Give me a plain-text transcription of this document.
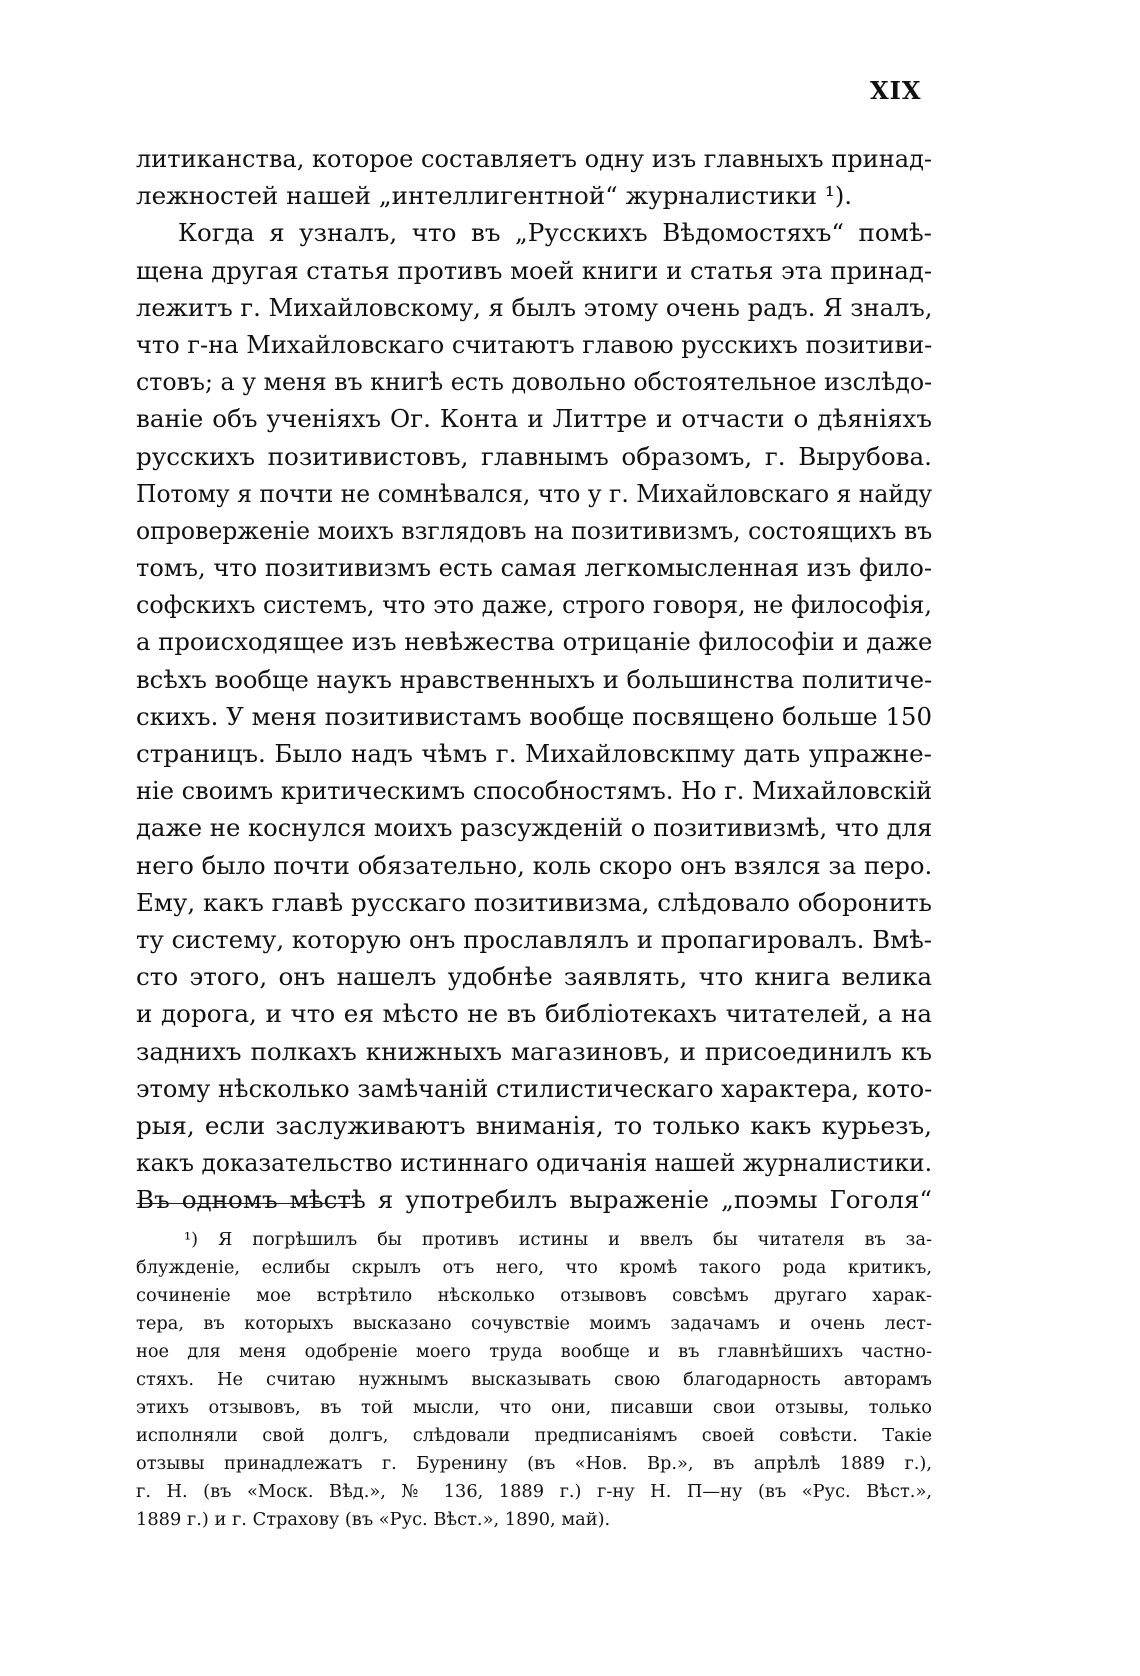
XIX
литиканства, которое составляетъ одну изъ главныхъ принад-
лежностей нашей „интеллигентной“ журналистики ¹).
Когда я узналъ, что въ „Русскихъ Вѣдомостяхъ“ помѣ-
щена другая статья противъ моей книги и статья эта принад-
лежитъ г. Михайловскому, я былъ этому очень радъ. Я зналъ,
что г-на Михайловскаго считаютъ главою русскихъ позитиви-
стовъ; а у меня въ книгѣ есть довольно обстоятельное изслѣдо-
ваніе объ ученіяхъ Ог. Конта и Литтре и отчасти о дѣяніяхъ
русскихъ позитивистовъ, главнымъ образомъ, г. Вырубова.
Потому я почти не сомнѣвался, что у г. Михайловскаго я найду
опроверженіе моихъ взглядовъ на позитивизмъ, состоящихъ въ
томъ, что позитивизмъ есть самая легкомысленная изъ фило-
софскихъ системъ, что это даже, строго говоря, не философія,
а происходящее изъ невѣжества отрицаніе философіи и даже
всѣхъ вообще наукъ нравственныхъ и большинства политиче-
скихъ. У меня позитивистамъ вообще посвящено больше 150
страницъ. Было надъ чѣмъ г. Михайловскпму дать упражне-
ніе своимъ критическимъ способностямъ. Но г. Михайловскій
даже не коснулся моихъ разсужденій о позитивизмѣ, что для
него было почти обязательно, коль скоро онъ взялся за перо.
Ему, какъ главѣ русскаго позитивизма, слѣдовало оборонить
ту систему, которую онъ прославлялъ и пропагировалъ. Вмѣ-
сто этого, онъ нашелъ удобнѣе заявлять, что книга велика
и дорога, и что ея мѣсто не въ библіотекахъ читателей, а на
заднихъ полкахъ книжныхъ магазиновъ, и присоединилъ къ
этому нѣсколько замѣчаній стилистическаго характера, кото-
рыя, если заслуживаютъ вниманія, то только какъ курьезъ,
какъ доказательство истиннаго одичанія нашей журналистики.
Въ одномъ мѣстѣ я употребилъ выраженіе „поэмы Гоголя“
¹) Я погрѣшилъ бы противъ истины и ввелъ бы читателя въ за-
блужденіе, еслибы скрылъ отъ него, что кромѣ такого рода критикъ,
сочиненіе мое встрѣтило нѣсколько отзывовъ совсѣмъ другаго харак-
тера, въ которыхъ высказано сочувствіе моимъ задачамъ и очень лест-
ное для меня одобреніе моего труда вообще и въ главнѣйшихъ частно-
стяхъ. Не считаю нужнымъ высказывать свою благодарность авторамъ
этихъ отзывовъ, въ той мысли, что они, писавши свои отзывы, только
исполняли свой долгъ, слѣдовали предписаніямъ своей совѣсти. Такіе
отзывы принадлежатъ г. Буренину (въ «Нов. Вр.», въ апрѣлѣ 1889 г.),
г. Н. (въ «Моск. Вѣд.», № 136, 1889 г.) г-ну Н. П—ну (въ «Рус. Вѣст.»,
1889 г.) и г. Страхову (въ «Рус. Вѣст.», 1890, май).
